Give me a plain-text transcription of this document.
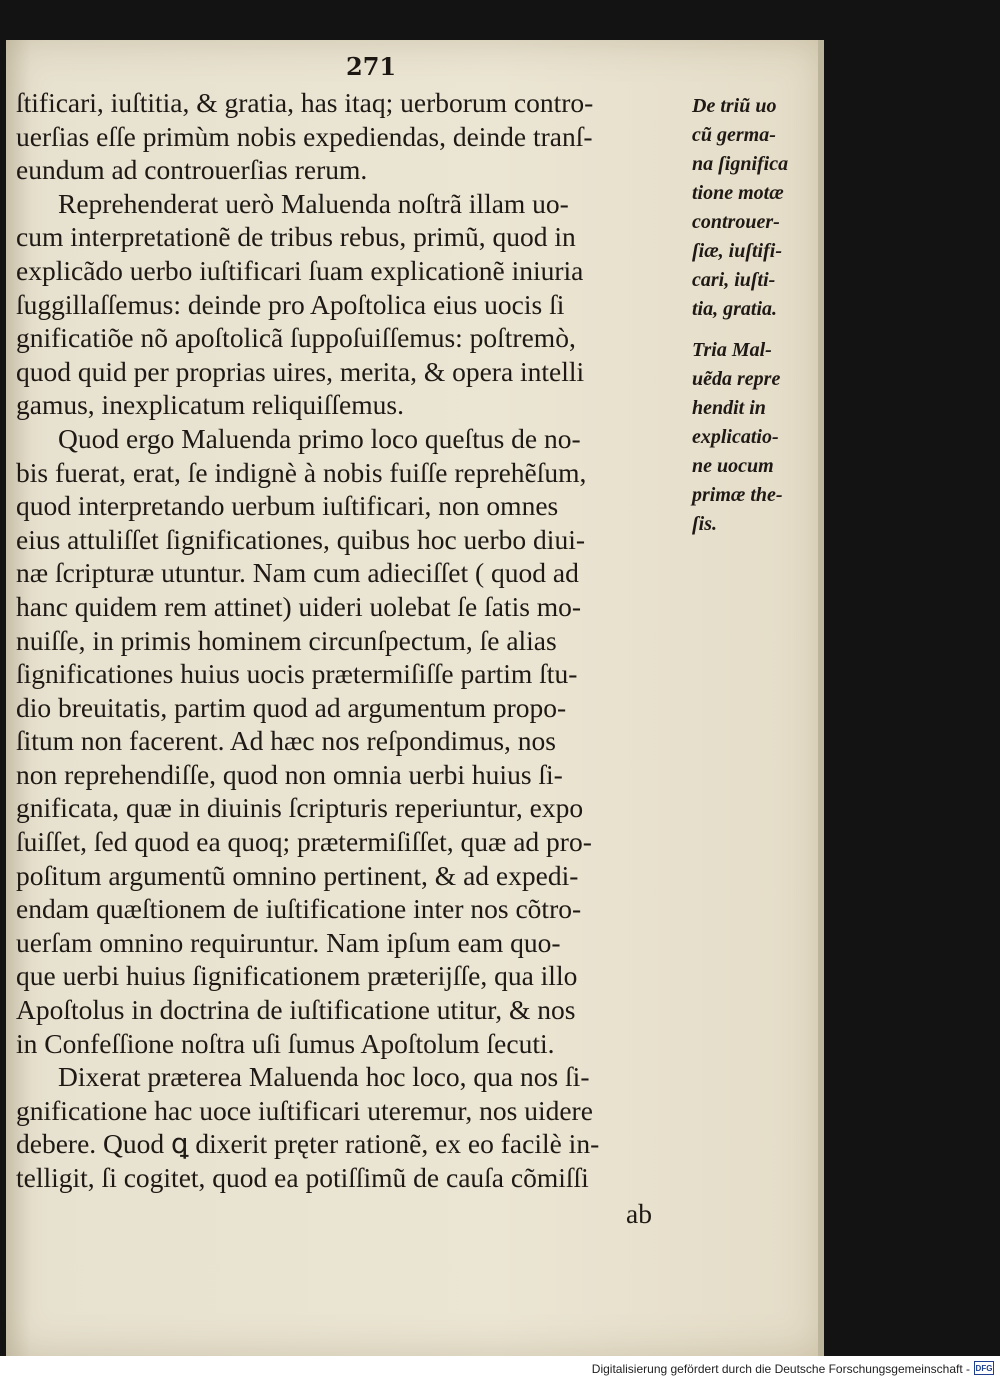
271
ſtificari, iuſtitia, & gratia, has itaq; uerborum contro-
uerſias eſſe primùm nobis expediendas, deinde tranſ-
eundum ad controuerſias rerum.
Reprehenderat uerò Maluenda noſtrã illam uo-
cum interpretationẽ de tribus rebus, primũ, quod in
explicãdo uerbo iuſtificari ſuam explicationẽ iniuria
ſuggillaſſemus: deinde pro Apoſtolica eius uocis ſi
gnificatiõe nõ apoſtolicã ſuppoſuiſſemus: poſtremò,
quod quid per proprias uires, merita, & opera intelli
gamus, inexplicatum reliquiſſemus.
Quod ergo Maluenda primo loco queſtus de no-
bis fuerat, erat, ſe indignè à nobis fuiſſe reprehẽſum,
quod interpretando uerbum iuſtificari, non omnes
eius attuliſſet ſignificationes, quibus hoc uerbo diui-
næ ſcripturæ utuntur. Nam cum adieciſſet ( quod ad
hanc quidem rem attinet) uideri uolebat ſe ſatis mo-
nuiſſe, in primis hominem circunſpectum, ſe alias
ſignificationes huius uocis prætermiſiſſe partim ſtu-
dio breuitatis, partim quod ad argumentum propo-
ſitum non facerent. Ad hæc nos reſpondimus, nos
non reprehendiſſe, quod non omnia uerbi huius ſi-
gnificata, quæ in diuinis ſcripturis reperiuntur, expo
ſuiſſet, ſed quod ea quoq; prætermiſiſſet, quæ ad pro-
poſitum argumentũ omnino pertinent, & ad expedi-
endam quæſtionem de iuſtificatione inter nos cõtro-
uerſam omnino requiruntur. Nam ipſum eam quo-
que uerbi huius ſignificationem præterijſſe, qua illo
Apoſtolus in doctrina de iuſtificatione utitur, & nos
in Confeſſione noſtra uſi ſumus Apoſtolum ſecuti.
Dixerat præterea Maluenda hoc loco, qua nos ſi-
gnificatione hac uoce iuſtificari uteremur, nos uidere
debere. Quod ꝗ dixerit pręter rationẽ, ex eo facilè in-
telligit, ſi cogitet, quod ea potiſſimũ de cauſa cõmiſſi
De triũ uo
cũ germa-
na ſignifica
tione motæ
controuer-
ſiæ, iuſtifi-
cari, iuſti-
tia, gratia.
Tria Mal-
uẽda repre
hendit in
explicatio-
ne uocum
primæ the-
ſis.
ab
Digitalisierung gefördert durch die Deutsche Forschungsgemeinschaft - DFG
